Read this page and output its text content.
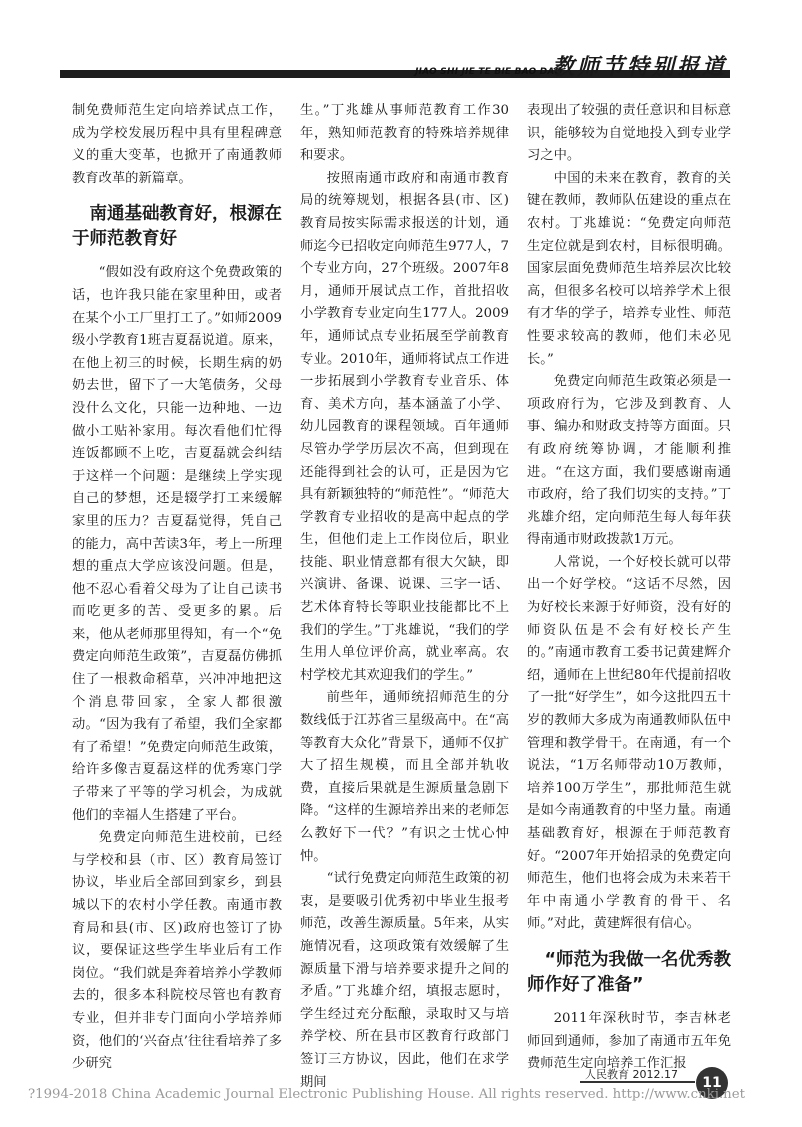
JIAO SHI JIE TE BIE BAO DAO
教师节特别报道

制免费师范生定向培养试点工作，成为学校发展历程中具有里程碑意义的重大变革，也掀开了南通教师教育改革的新篇章。

南通基础教育好，根源在于师范教育好

“假如没有政府这个免费政策的话，也许我只能在家里种田，或者在某个小工厂里打工了。”如师2009级小学教育1班吉夏磊说道。原来，在他上初三的时候，长期生病的奶奶去世，留下了一大笔债务，父母没什么文化，只能一边种地、一边做小工贴补家用。每次看他们忙得连饭都顾不上吃，吉夏磊就会纠结于这样一个问题：是继续上学实现自己的梦想，还是辍学打工来缓解家里的压力？吉夏磊觉得，凭自己的能力，高中苦读3年，考上一所理想的重点大学应该没问题。但是，他不忍心看着父母为了让自己读书而吃更多的苦、受更多的累。后来，他从老师那里得知，有一个“免费定向师范生政策”，吉夏磊仿佛抓住了一根救命稻草，兴冲冲地把这个消息带回家，全家人都很激动。“因为我有了希望，我们全家都有了希望！”免费定向师范生政策，给许多像吉夏磊这样的优秀寒门学子带来了平等的学习机会，为成就他们的幸福人生搭建了平台。

免费定向师范生进校前，已经与学校和县（市、区）教育局签订协议，毕业后全部回到家乡，到县城以下的农村小学任教。南通市教育局和县(市、区)政府也签订了协议，要保证这些学生毕业后有工作岗位。“我们就是奔着培养小学教师去的，很多本科院校尽管也有教育专业，但并非专门面向小学培养师资，他们的‘兴奋点’往往看培养了多少研究

生。”丁兆雄从事师范教育工作30年，熟知师范教育的特殊培养规律和要求。

按照南通市政府和南通市教育局的统筹规划，根据各县(市、区)教育局按实际需求报送的计划，通师迄今已招收定向师范生977人，7个专业方向，27个班级。2007年8月，通师开展试点工作，首批招收小学教育专业定向生177人。2009年，通师试点专业拓展至学前教育专业。2010年，通师将试点工作进一步拓展到小学教育专业音乐、体育、美术方向，基本涵盖了小学、幼儿园教育的课程领域。百年通师尽管办学学历层次不高，但到现在还能得到社会的认可，正是因为它具有新颖独特的“师范性”。“师范大学教育专业招收的是高中起点的学生，但他们走上工作岗位后，职业技能、职业情意都有很大欠缺，即兴演讲、备课、说课、三字一话、艺术体育特长等职业技能都比不上我们的学生。”丁兆雄说，“我们的学生用人单位评价高，就业率高。农村学校尤其欢迎我们的学生。”

前些年，通师统招师范生的分数线低于江苏省三星级高中。在“高等教育大众化”背景下，通师不仅扩大了招生规模，而且全部并轨收费，直接后果就是生源质量急剧下降。“这样的生源培养出来的老师怎么教好下一代？”有识之士忧心忡忡。

“试行免费定向师范生政策的初衷，是要吸引优秀初中毕业生报考师范，改善生源质量。5年来，从实施情况看，这项政策有效缓解了生源质量下滑与培养要求提升之间的矛盾。”丁兆雄介绍，填报志愿时，学生经过充分酝酿，录取时又与培养学校、所在县市区教育行政部门签订三方协议，因此，他们在求学期间

表现出了较强的责任意识和目标意识，能够较为自觉地投入到专业学习之中。

中国的未来在教育，教育的关键在教师，教师队伍建设的重点在农村。丁兆雄说：“免费定向师范生定位就是到农村，目标很明确。国家层面免费师范生培养层次比较高，但很多名校可以培养学术上很有才华的学子，培养专业性、师范性要求较高的教师，他们未必见长。”

免费定向师范生政策必须是一项政府行为，它涉及到教育、人事、编办和财政支持等方面面。只有政府统筹协调，才能顺利推进。“在这方面，我们要感谢南通市政府，给了我们切实的支持。”丁兆雄介绍，定向师范生每人每年获得南通市财政拨款1万元。

人常说，一个好校长就可以带出一个好学校。“这话不尽然，因为好校长来源于好师资，没有好的师资队伍是不会有好校长产生的。”南通市教育工委书记黄建辉介绍，通师在上世纪80年代提前招收了一批“好学生”，如今这批四五十岁的教师大多成为南通教师队伍中管理和教学骨干。在南通，有一个说法，“1万名师带动10万教师，培养100万学生”，那批师范生就是如今南通教育的中坚力量。南通基础教育好，根源在于师范教育好。“2007年开始招录的免费定向师范生，他们也将会成为未来若干年中南通小学教育的骨干、名师。”对此，黄建辉很有信心。

“师范为我做一名优秀教师作好了准备”

2011年深秋时节，李吉林老师回到通师，参加了南通市五年免费师范生定向培养工作汇报

人民教育 2012.17
11
?1994-2018 China Academic Journal Electronic Publishing House. All rights reserved. http://www.cnki.net
